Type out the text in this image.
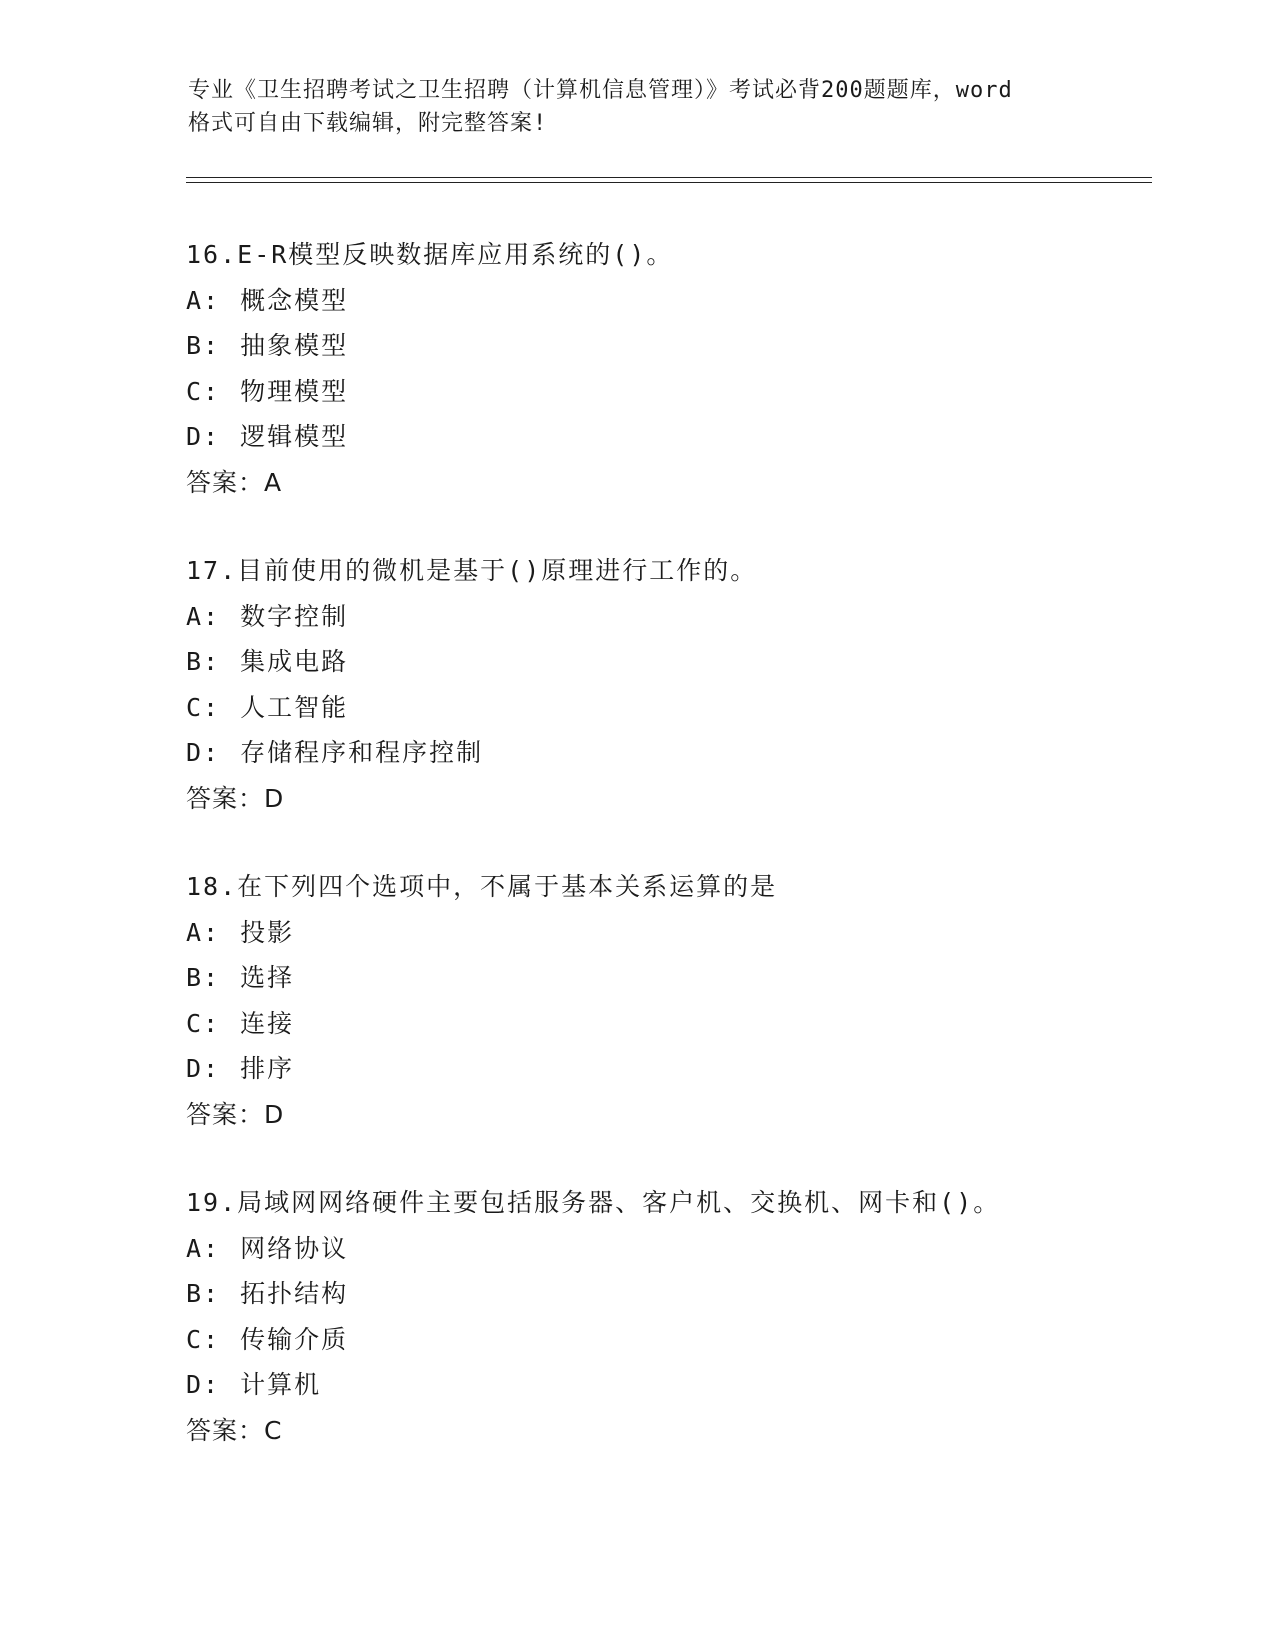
专业《卫生招聘考试之卫生招聘（计算机信息管理）》考试必背200题题库，word
格式可自由下载编辑，附完整答案!
16.E-R模型反映数据库应用系统的()。
A: 概念模型
B: 抽象模型
C: 物理模型
D: 逻辑模型
答案：A
17.目前使用的微机是基于()原理进行工作的。
A: 数字控制
B: 集成电路
C: 人工智能
D: 存储程序和程序控制
答案：D
18.在下列四个选项中，不属于基本关系运算的是
A: 投影
B: 选择
C: 连接
D: 排序
答案：D
19.局域网网络硬件主要包括服务器、客户机、交换机、网卡和()。
A: 网络协议
B: 拓扑结构
C: 传输介质
D: 计算机
答案：C
